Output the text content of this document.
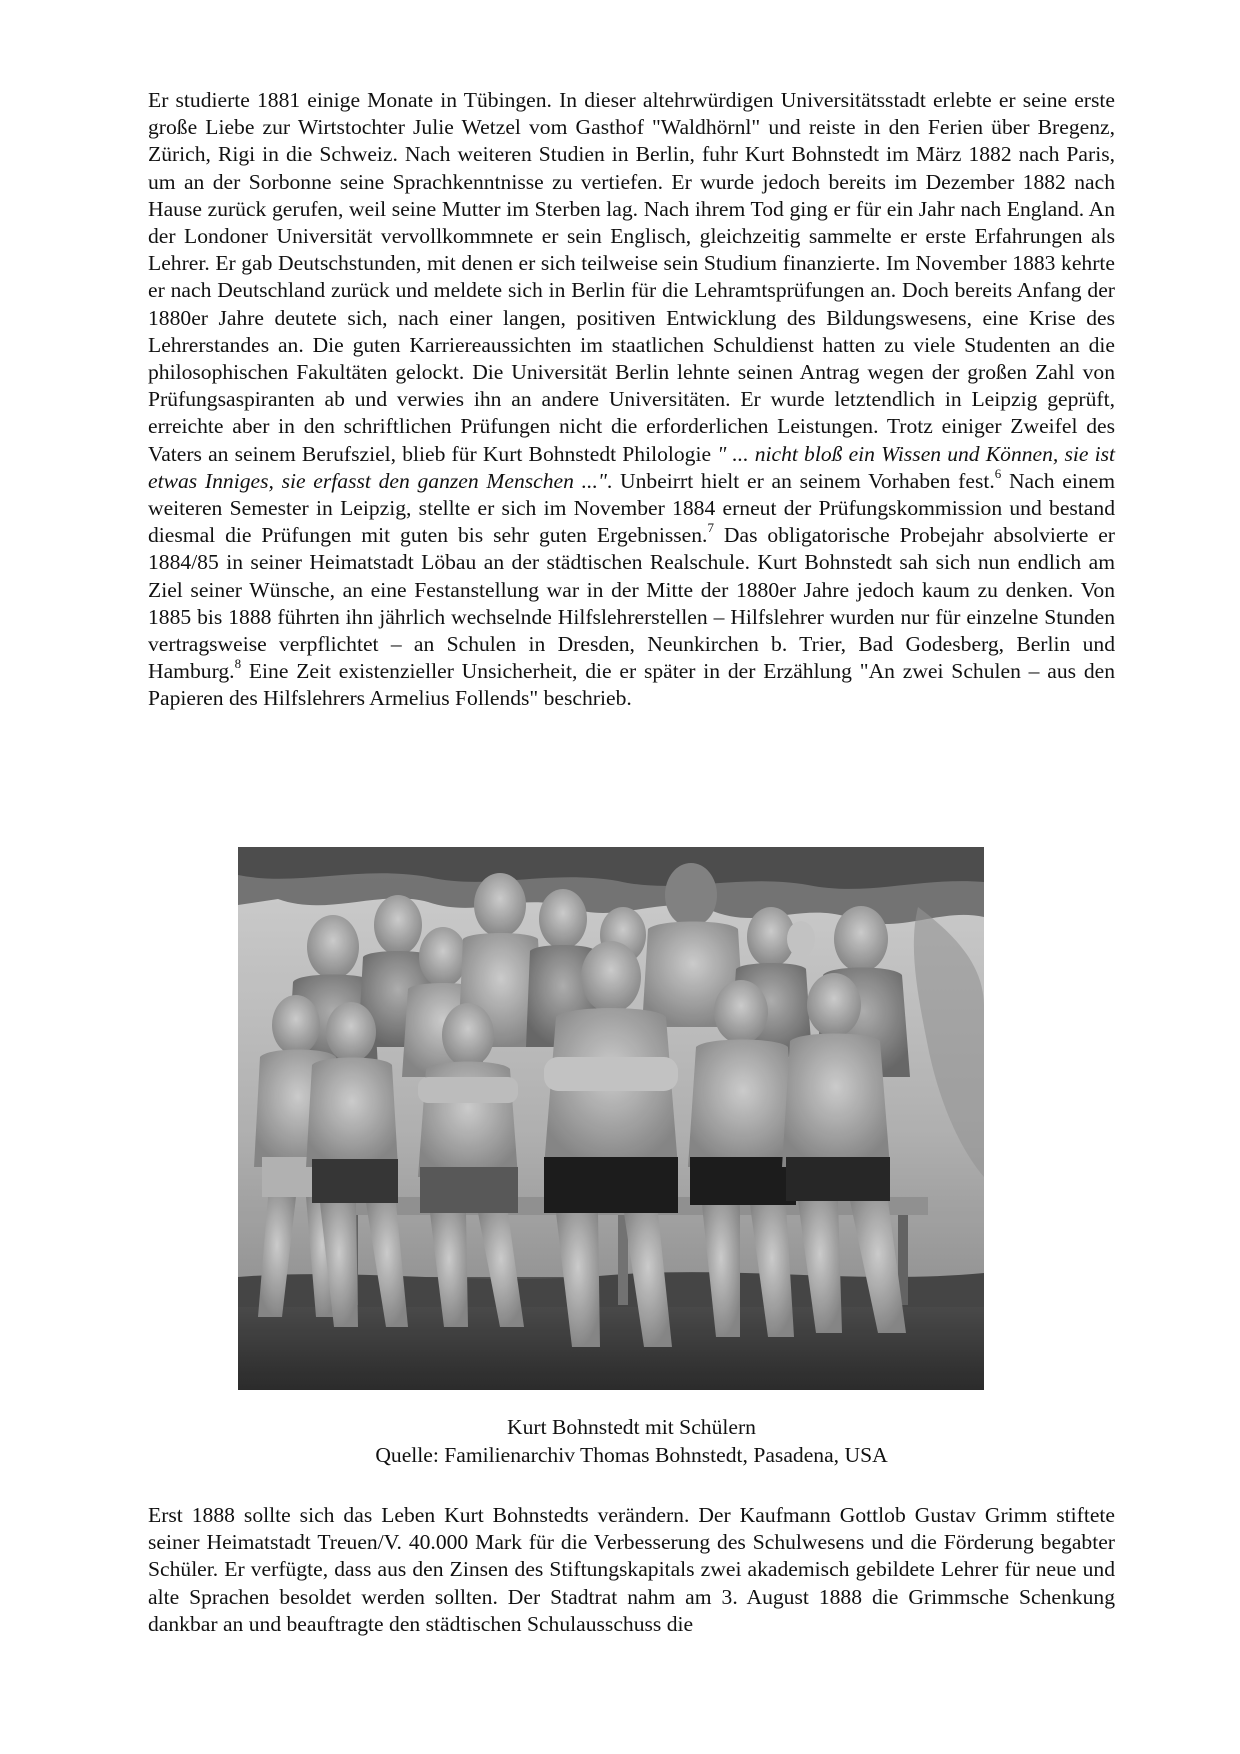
Er studierte 1881 einige Monate in Tübingen. In dieser altehrwürdigen Universitätsstadt erlebte er seine erste große Liebe zur Wirtstochter Julie Wetzel vom Gasthof "Waldhörnl" und reiste in den Ferien über Bregenz, Zürich, Rigi in die Schweiz. Nach weiteren Studien in Berlin, fuhr Kurt Bohnstedt im März 1882 nach Paris, um an der Sorbonne seine Sprachkenntnisse zu vertiefen. Er wurde jedoch bereits im Dezember 1882 nach Hause zurück gerufen, weil seine Mutter im Sterben lag. Nach ihrem Tod ging er für ein Jahr nach England. An der Londoner Universität vervollkommnete er sein Englisch, gleichzeitig sammelte er erste Erfahrungen als Lehrer. Er gab Deutschstunden, mit denen er sich teilweise sein Studium finanzierte. Im November 1883 kehrte er nach Deutschland zurück und meldete sich in Berlin für die Lehramtsprüfungen an. Doch bereits Anfang der 1880er Jahre deutete sich, nach einer langen, positiven Entwicklung des Bildungswesens, eine Krise des Lehrerstandes an. Die guten Karriereaussichten im staatlichen Schuldienst hatten zu viele Studenten an die philosophischen Fakultäten gelockt. Die Universität Berlin lehnte seinen Antrag wegen der großen Zahl von Prüfungsaspiranten ab und verwies ihn an andere Universitäten. Er wurde letztendlich in Leipzig geprüft, erreichte aber in den schriftlichen Prüfungen nicht die erforderlichen Leistungen. Trotz einiger Zweifel des Vaters an seinem Berufsziel, blieb für Kurt Bohnstedt Philologie " ... nicht bloß ein Wissen und Können, sie ist etwas Inniges, sie erfasst den ganzen Menschen ...". Unbeirrt hielt er an seinem Vorhaben fest.$^6$ Nach einem weiteren Semester in Leipzig, stellte er sich im November 1884 erneut der Prüfungskommission und bestand diesmal die Prüfungen mit guten bis sehr guten Ergebnissen.$^7$ Das obligatorische Probejahr absolvierte er 1884/85 in seiner Heimatstadt Löbau an der städtischen Realschule. Kurt Bohnstedt sah sich nun endlich am Ziel seiner Wünsche, an eine Festanstellung war in der Mitte der 1880er Jahre jedoch kaum zu denken. Von 1885 bis 1888 führten ihn jährlich wechselnde Hilfslehrerstellen – Hilfslehrer wurden nur für einzelne Stunden vertragsweise verpflichtet – an Schulen in Dresden, Neunkirchen b. Trier, Bad Godesberg, Berlin und Hamburg.$^8$ Eine Zeit existenzieller Unsicherheit, die er später in der Erzählung "An zwei Schulen – aus den Papieren des Hilfslehrers Armelius Follends" beschrieb.

Kurt Bohnstedt mit Schülern
Quelle: Familienarchiv Thomas Bohnstedt, Pasadena, USA

Erst 1888 sollte sich das Leben Kurt Bohnstedts verändern. Der Kaufmann Gottlob Gustav Grimm stiftete seiner Heimatstadt Treuen/V. 40.000 Mark für die Verbesserung des Schulwesens und die Förderung begabter Schüler. Er verfügte, dass aus den Zinsen des Stiftungskapitals zwei akademisch gebildete Lehrer für neue und alte Sprachen besoldet werden sollten. Der Stadtrat nahm am 3. August 1888 die Grimmsche Schenkung dankbar an und beauftragte den städtischen Schulausschuss die
